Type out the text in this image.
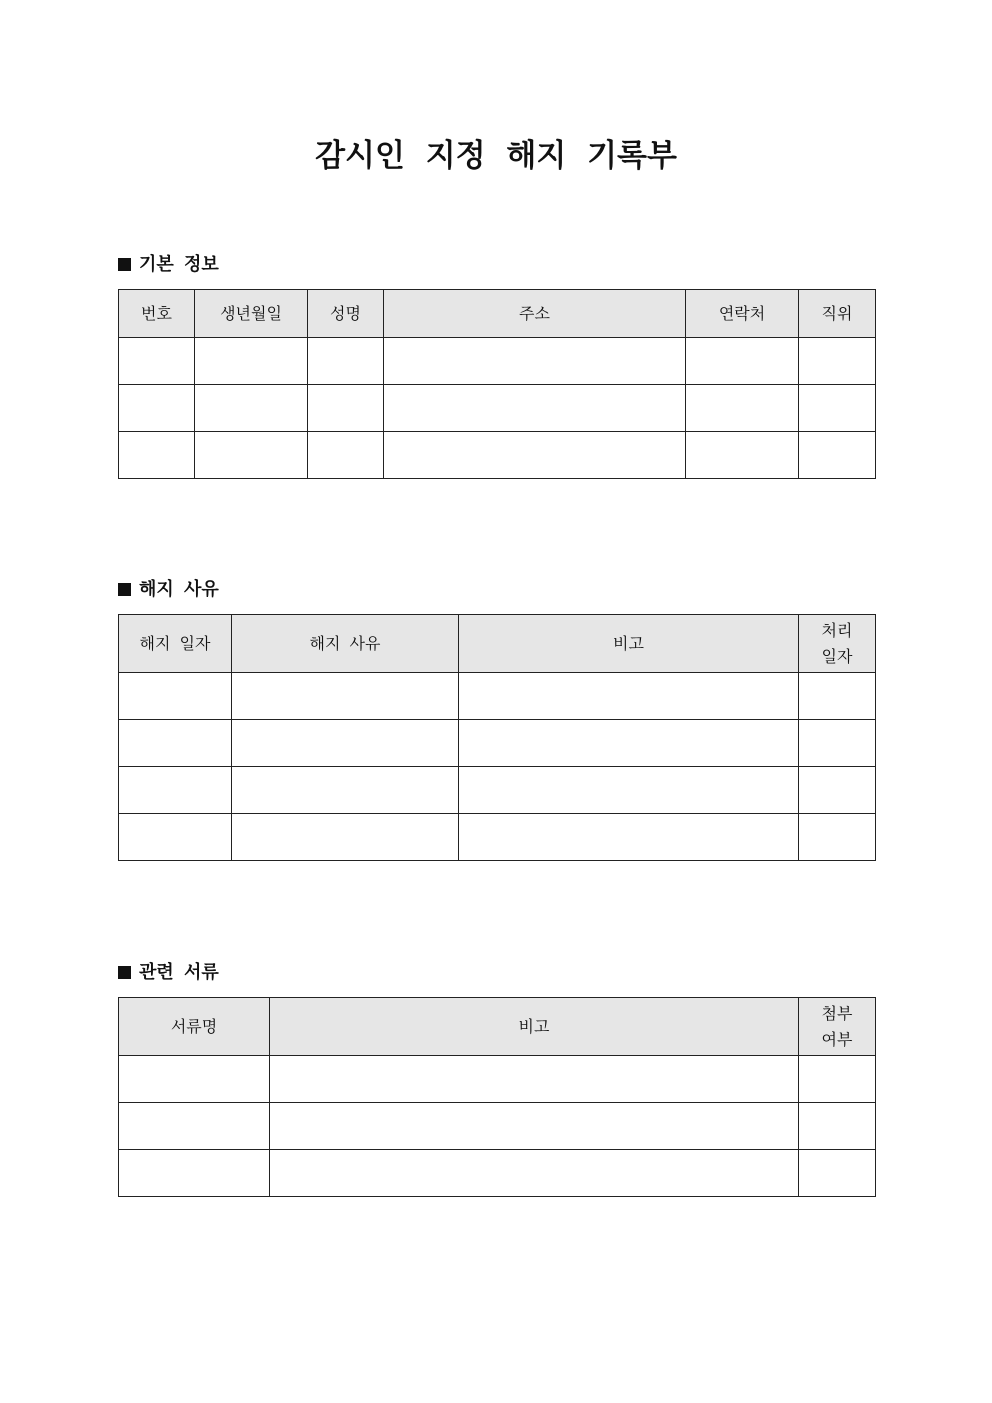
감시인 지정 해지 기록부
기본 정보
번호	생년월일	성명	주소	연락처	직위

해지 사유
해지 일자	해지 사유	비고	처리
일자

관련 서류
서류명	비고	첨부
여부
